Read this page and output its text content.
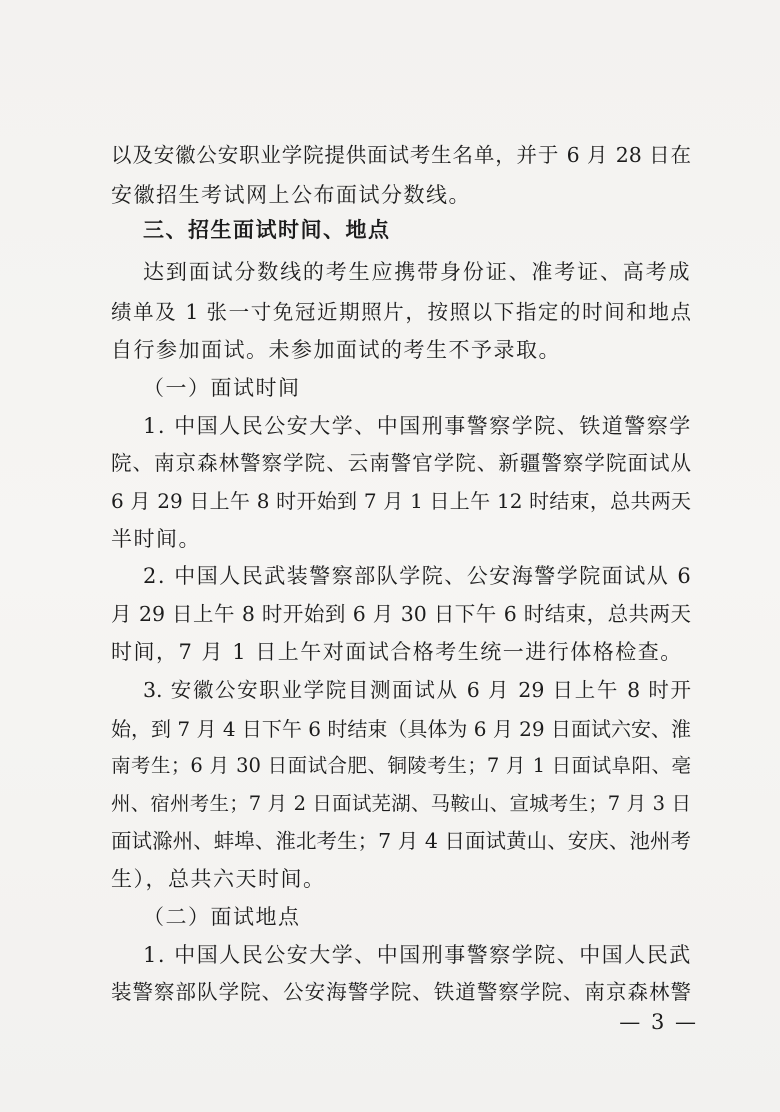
以及安徽公安职业学院提供面试考生名单，并于 6 月 28 日在
安徽招生考试网上公布面试分数线。
三、招生面试时间、地点
达到面试分数线的考生应携带身份证、准考证、高考成
绩单及 1 张一寸免冠近期照片，按照以下指定的时间和地点
自行参加面试。未参加面试的考生不予录取。
（一）面试时间
1. 中国人民公安大学、中国刑事警察学院、铁道警察学
院、南京森林警察学院、云南警官学院、新疆警察学院面试从
6 月 29 日上午 8 时开始到 7 月 1 日上午 12 时结束，总共两天
半时间。
2. 中国人民武装警察部队学院、公安海警学院面试从 6
月 29 日上午 8 时开始到 6 月 30 日下午 6 时结束，总共两天
时间，7 月 1 日上午对面试合格考生统一进行体格检查。
3. 安徽公安职业学院目测面试从 6 月 29 日上午 8 时开
始，到 7 月 4 日下午 6 时结束（具体为 6 月 29 日面试六安、淮
南考生；6 月 30 日面试合肥、铜陵考生；7 月 1 日面试阜阳、亳
州、宿州考生；7 月 2 日面试芜湖、马鞍山、宣城考生；7 月 3 日
面试滁州、蚌埠、淮北考生；7 月 4 日面试黄山、安庆、池州考
生），总共六天时间。
（二）面试地点
1. 中国人民公安大学、中国刑事警察学院、中国人民武
装警察部队学院、公安海警学院、铁道警察学院、南京森林警
— 3 —
